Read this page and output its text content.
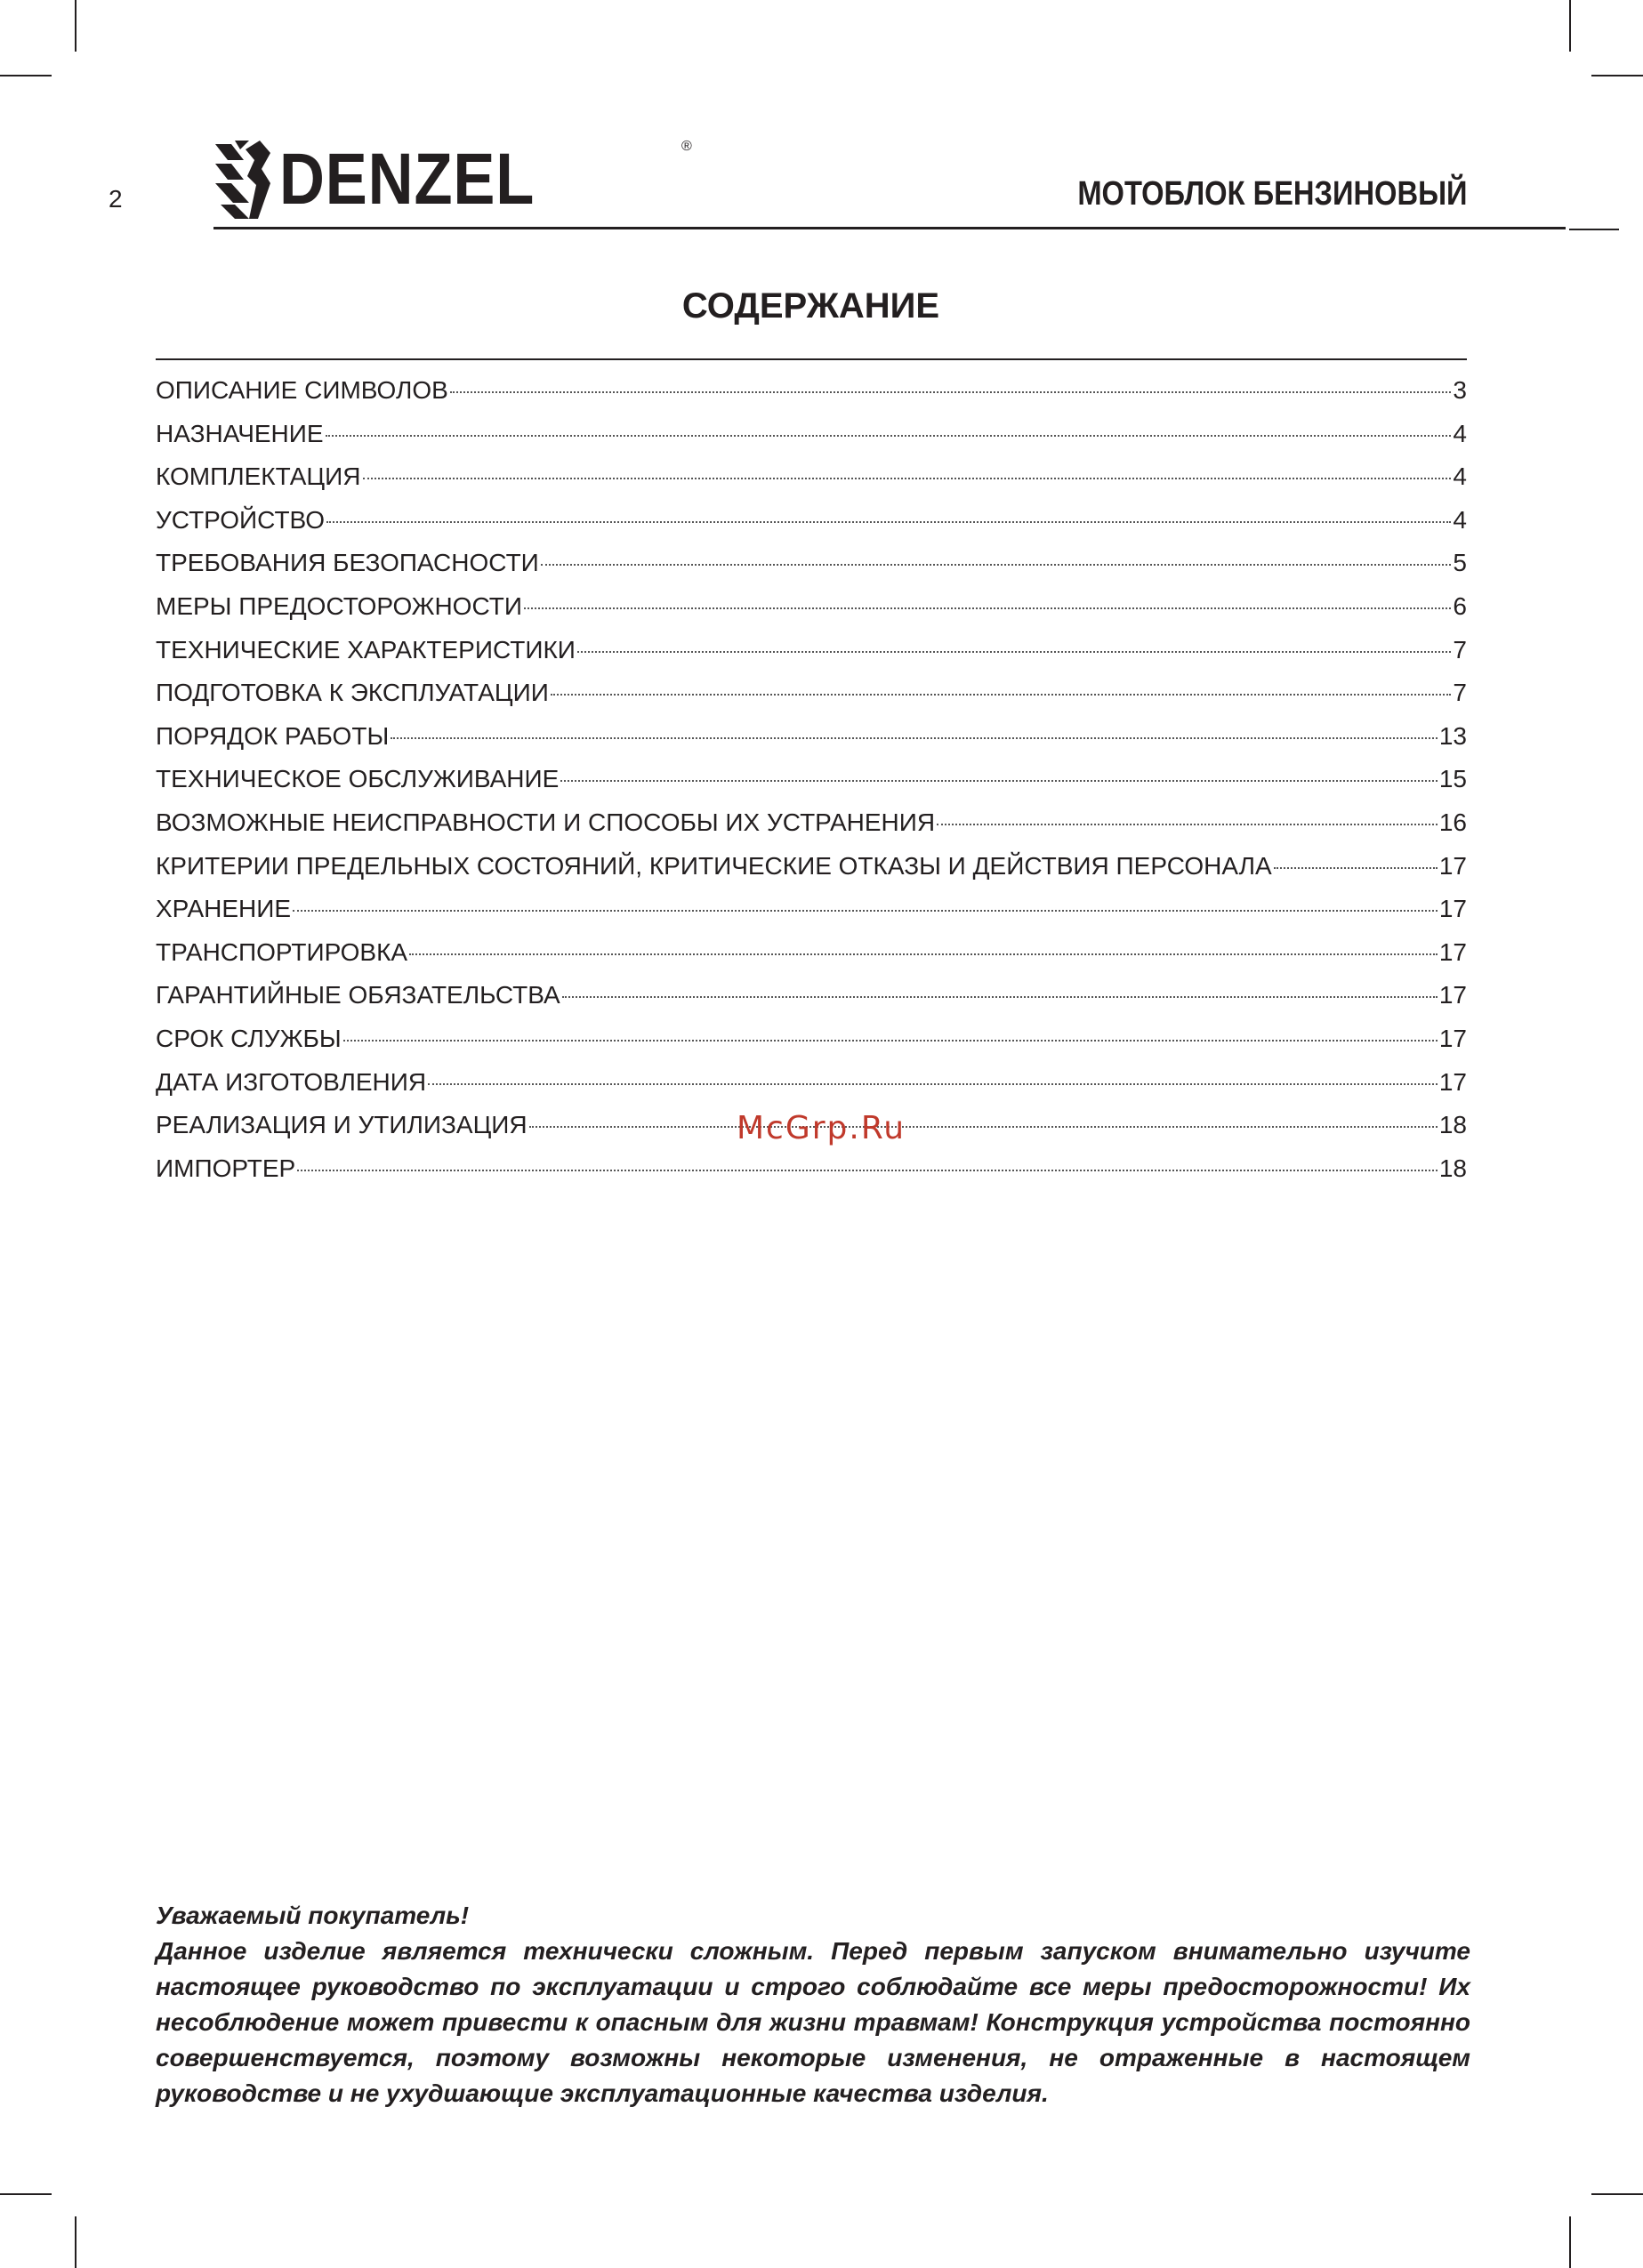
2 DENZEL	®
МОТОБЛОК БЕНЗИНОВЫЙ
СОДЕРЖАНИЕ
ОПИСАНИЕ СИМВОЛОВ	3
НАЗНАЧЕНИЕ	4
КОМПЛЕКТАЦИЯ	4
УСТРОЙСТВО	4
ТРЕБОВАНИЯ БЕЗОПАСНОСТИ	5
МЕРЫ ПРЕДОСТОРОЖНОСТИ	6
ТЕХНИЧЕСКИЕ ХАРАКТЕРИСТИКИ	7
ПОДГОТОВКА К ЭКСПЛУАТАЦИИ	7
ПОРЯДОК РАБОТЫ	13
ТЕХНИЧЕСКОЕ ОБСЛУЖИВАНИЕ	15
ВОЗМОЖНЫЕ НЕИСПРАВНОСТИ И СПОСОБЫ ИХ УСТРАНЕНИЯ	16
КРИТЕРИИ ПРЕДЕЛЬНЫХ СОСТОЯНИЙ, КРИТИЧЕСКИЕ ОТКАЗЫ И ДЕЙСТВИЯ ПЕРСОНАЛА	17
ХРАНЕНИЕ	17
ТРАНСПОРТИРОВКА	17
ГАРАНТИЙНЫЕ ОБЯЗАТЕЛЬСТВА	17
СРОК СЛУЖБЫ	17
ДАТА ИЗГОТОВЛЕНИЯ	17
РЕАЛИЗАЦИЯ И УТИЛИЗАЦИЯ	18
ИМПОРТЕР	18

McGrp.Ru

Уважаемый покупатель!

Данное изделие является технически сложным. Перед первым запуском внимательно изучите настоящее руководство по эксплуатации и строго соблюдайте все меры предосторожности! Их несоблюдение может привести к опасным для жизни травмам! Конструкция устройства постоянно совершенствуется, поэтому возможны некоторые изменения, не отраженные в настоящем руководстве и не ухудшающие эксплуатационные качества изделия.
